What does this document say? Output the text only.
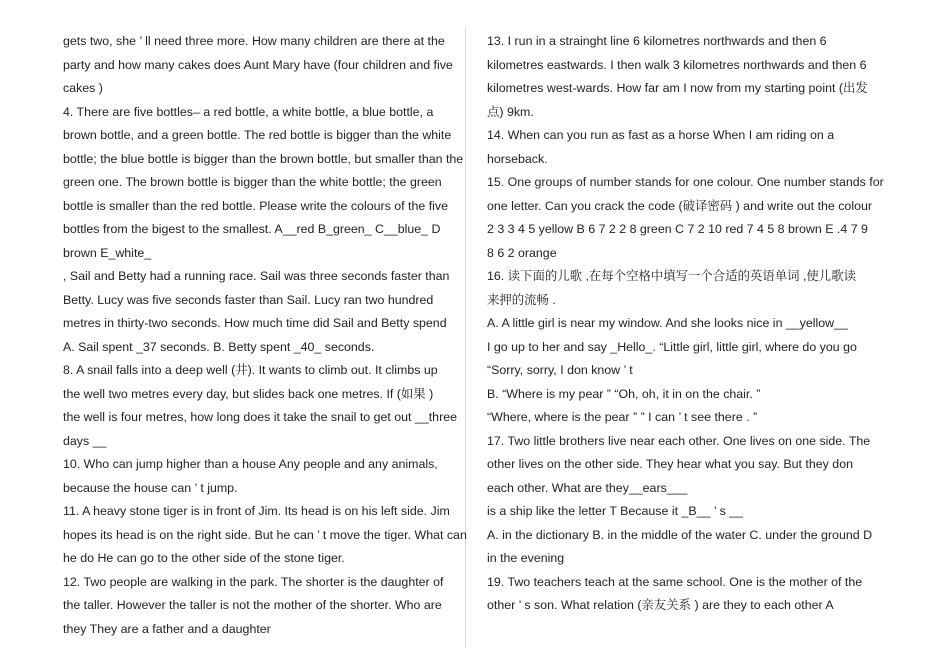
gets two, she ’ ll need three more. How many children are there at the
party and how many cakes does Aunt Mary have (four children and five
cakes )
4. There are five bottles– a red bottle, a white bottle, a blue bottle, a
brown bottle, and a green bottle. The red bottle is bigger than the white
bottle; the blue bottle is bigger than the brown bottle, but smaller than the
green one. The brown bottle is bigger than the white bottle; the green
bottle is smaller than the red bottle. Please write the colours of the five
bottles from the bigest to the smallest. A__red B_green_ C__blue_ D
brown E_white_
, Sail and Betty had a running race. Sail was three seconds faster than
Betty. Lucy was five seconds faster than Sail. Lucy ran two hundred
metres in thirty-two seconds. How much time did Sail and Betty spend
A. Sail spent _37 seconds. B. Betty spent _40_ seconds.
8. A snail falls into a deep well (井). It wants to climb out. It climbs up
the well two metres every day, but slides back one metres. If (如果 )
the well is four metres, how long does it take the snail to get out __three
days __
10. Who can jump higher than a house Any people and any animals,
because the house can ’ t jump.
11. A heavy stone tiger is in front of Jim. Its head is on his left side. Jim
hopes its head is on the right side. But he can ’ t move the tiger. What can
he do He can go to the other side of the stone tiger.
12. Two people are walking in the park. The shorter is the daughter of
the taller. However the taller is not the mother of the shorter. Who are
they They are a father and a daughter
13. I run in a strainght line 6 kilometres northwards and then 6
kilometres eastwards. I then walk 3 kilometres northwards and then 6
kilometres west-wards. How far am I now from my starting point (出发
点) 9km.
14. When can you run as fast as a horse When I am riding on a
horseback.
15. One groups of number stands for one colour. One number stands for
one letter. Can you crack the code (破译密码 ) and write out the colour
2 3 3 4 5 yellow B 6 7 2 2 8 green C 7 2 10 red 7 4 5 8 brown E .4 7 9
8 6 2 orange
16. 读下面的儿歌 ,在每个空格中填写一个合适的英语单词 ,使儿歌读
来押的流畅 .
A. A little girl is near my window. And she looks nice in __yellow__
I go up to her and say _Hello_. “Little girl, little girl, where do you go
“Sorry, sorry, I don know ’ t
B. “Where is my pear ” “Oh, oh, it in on the chair. ”
“Where, where is the pear ” ” I can ’ t see there . ”
17. Two little brothers live near each other. One lives on one side. The
other lives on the other side. They hear what you say. But they don
each other. What are they__ears___
is a ship like the letter T Because it _B__ ’ s __
A. in the dictionary B. in the middle of the water C. under the ground D
in the evening
19. Two teachers teach at the same school. One is the mother of the
other ’ s son. What relation (亲友关系 ) are they to each other A
